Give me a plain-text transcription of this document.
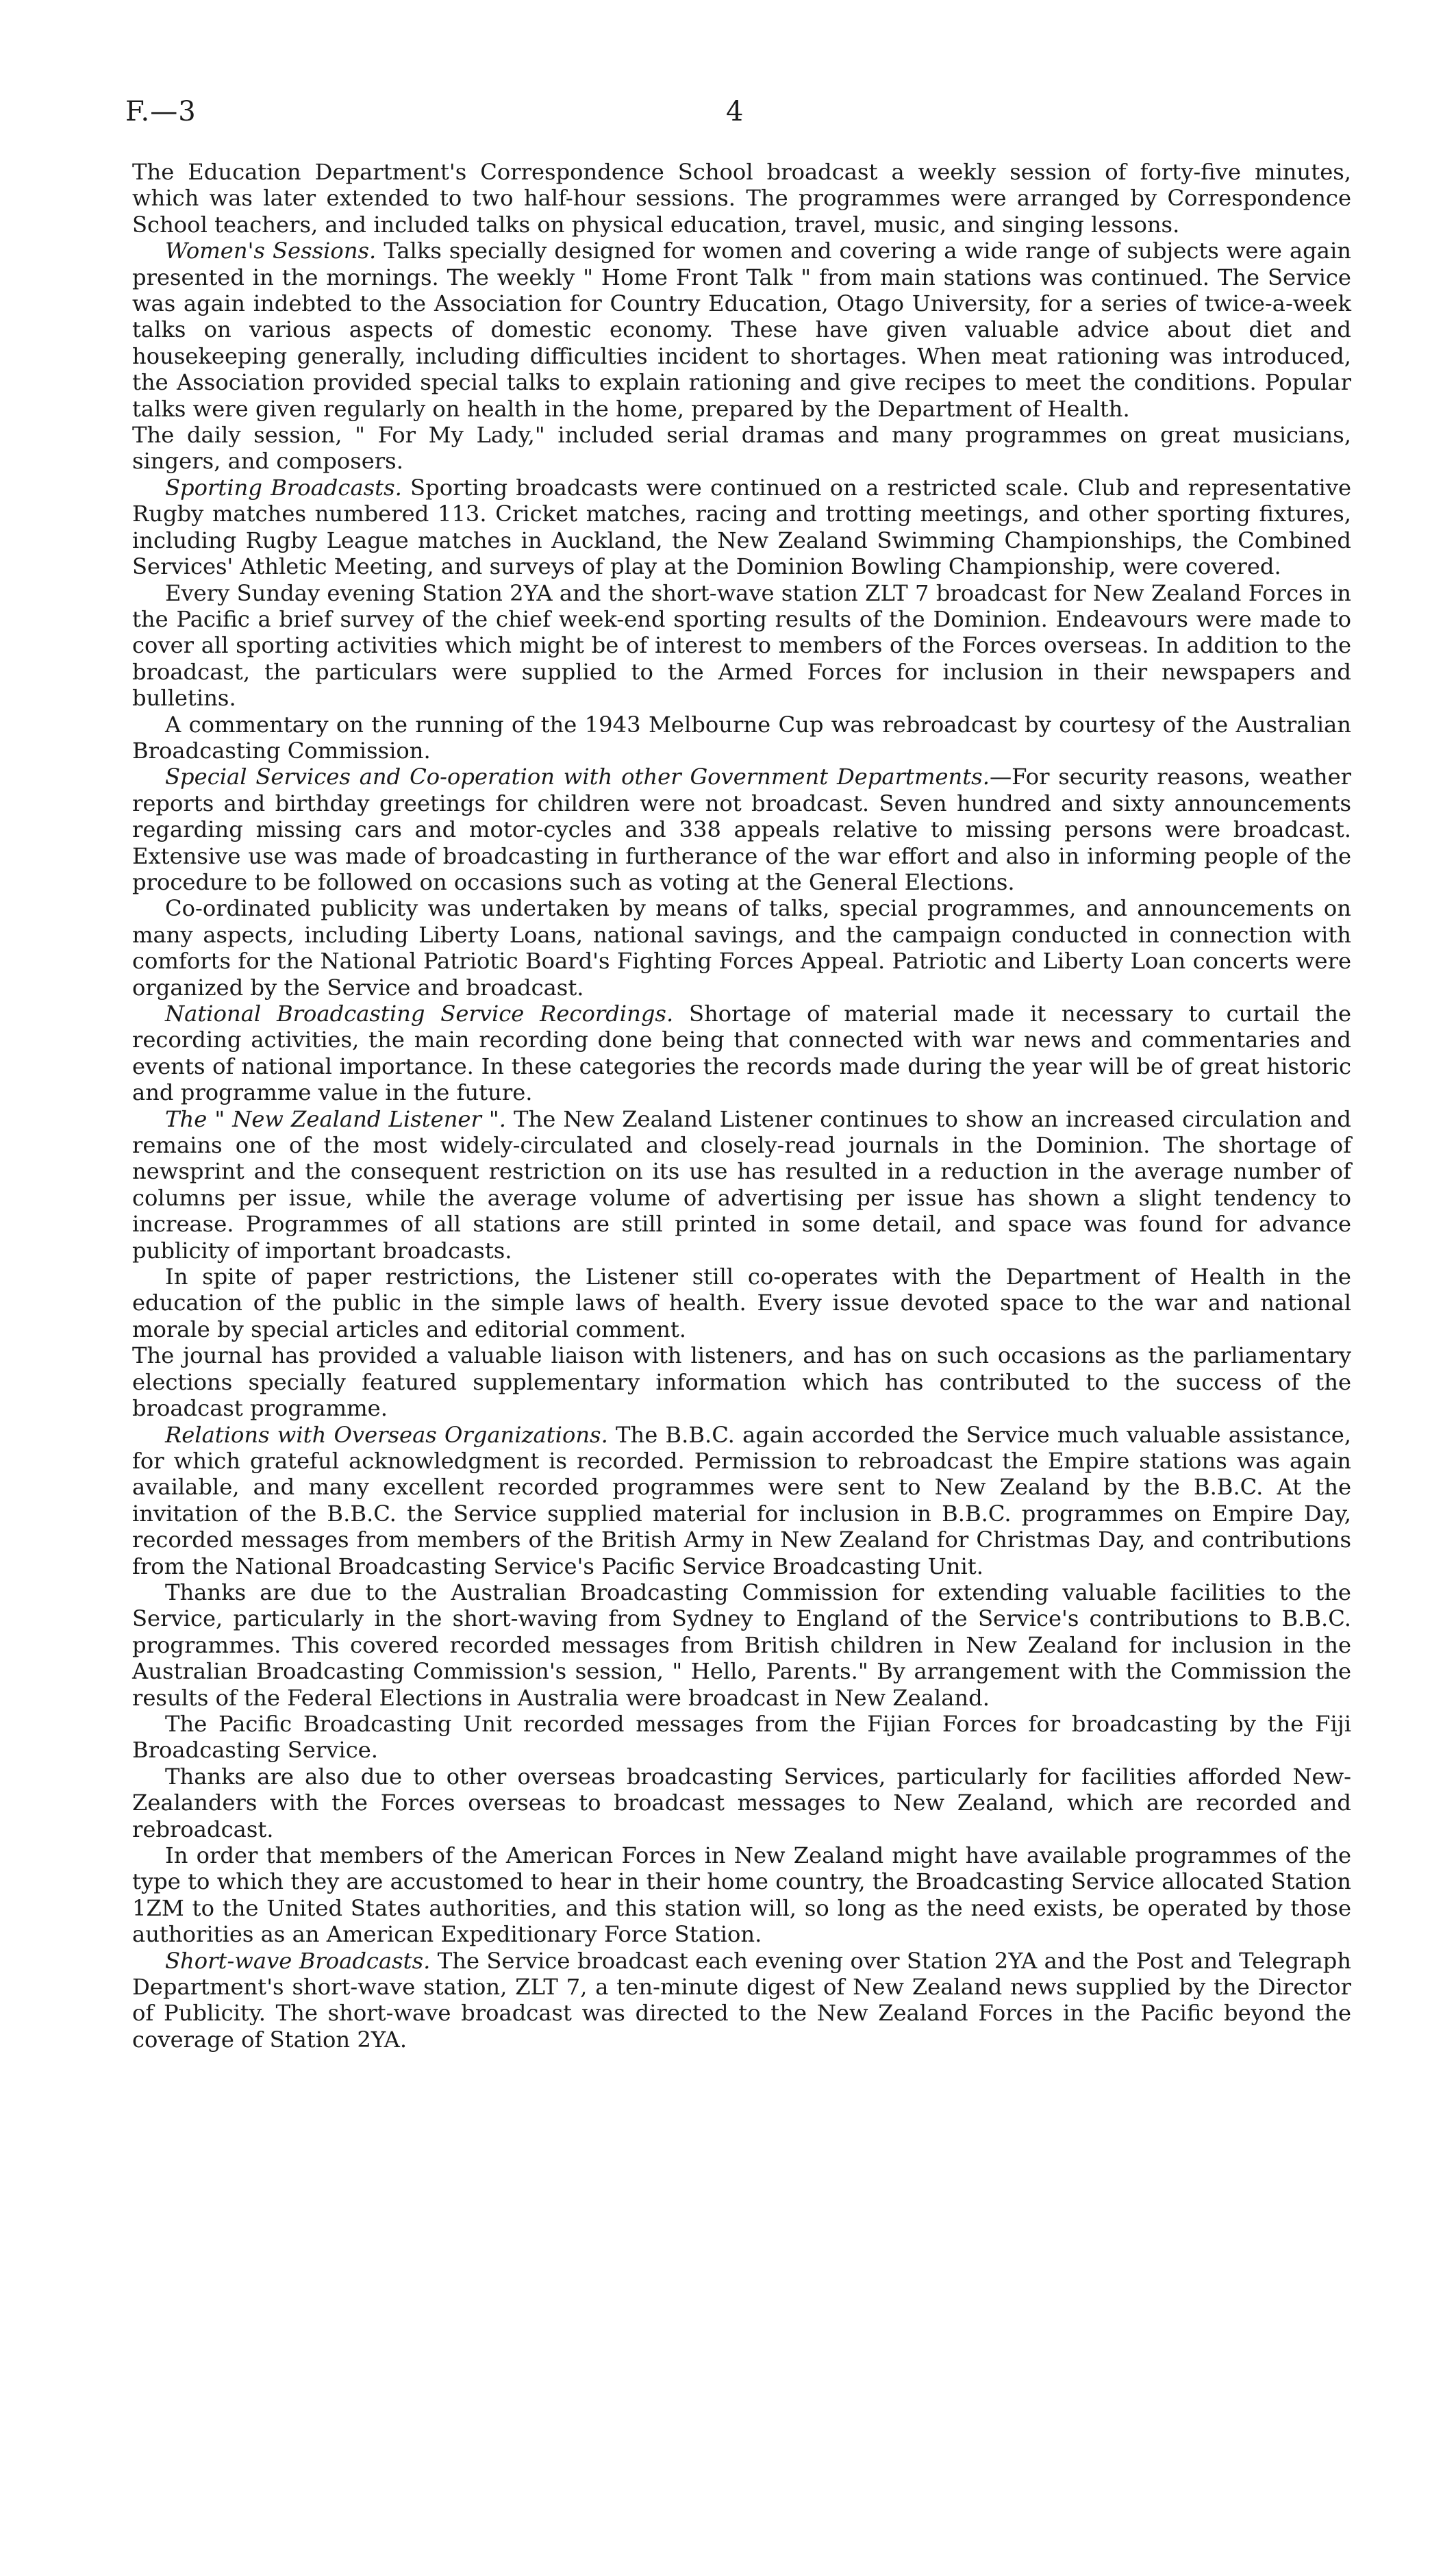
F.—3	4

The Education Department's Correspondence School broadcast a weekly session of forty-five minutes, which was later extended to two half-hour sessions. The programmes were arranged by Correspondence School teachers, and included talks on physical education, travel, music, and singing lessons.

Women's Sessions. Talks specially designed for women and covering a wide range of subjects were again presented in the mornings. The weekly " Home Front Talk " from main stations was continued. The Service was again indebted to the Association for Country Education, Otago University, for a series of twice-a-week talks on various aspects of domestic economy. These have given valuable advice about diet and housekeeping generally, including difficulties incident to shortages. When meat rationing was introduced, the Association provided special talks to explain rationing and give recipes to meet the conditions. Popular talks were given regularly on health in the home, prepared by the Department of Health.

The daily session, " For My Lady," included serial dramas and many programmes on great musicians, singers, and composers.

Sporting Broadcasts. Sporting broadcasts were continued on a restricted scale. Club and representative Rugby matches numbered 113. Cricket matches, racing and trotting meetings, and other sporting fixtures, including Rugby League matches in Auckland, the New Zealand Swimming Championships, the Combined Services' Athletic Meeting, and surveys of play at the Dominion Bowling Championship, were covered.

Every Sunday evening Station 2YA and the short-wave station ZLT 7 broadcast for New Zealand Forces in the Pacific a brief survey of the chief week-end sporting results of the Dominion. Endeavours were made to cover all sporting activities which might be of interest to members of the Forces overseas. In addition to the broadcast, the particulars were supplied to the Armed Forces for inclusion in their newspapers and bulletins.

A commentary on the running of the 1943 Melbourne Cup was rebroadcast by courtesy of the Australian Broadcasting Commission.

Special Services and Co-operation with other Government Departments.—For security reasons, weather reports and birthday greetings for children were not broadcast. Seven hundred and sixty announcements regarding missing cars and motor-cycles and 338 appeals relative to missing persons were broadcast. Extensive use was made of broadcasting in furtherance of the war effort and also in informing people of the procedure to be followed on occasions such as voting at the General Elections.

Co-ordinated publicity was undertaken by means of talks, special programmes, and announcements on many aspects, including Liberty Loans, national savings, and the campaign conducted in connection with comforts for the National Patriotic Board's Fighting Forces Appeal. Patriotic and Liberty Loan concerts were organized by the Service and broadcast.

National Broadcasting Service Recordings. Shortage of material made it necessary to curtail the recording activities, the main recording done being that connected with war news and commentaries and events of national importance. In these categories the records made during the year will be of great historic and programme value in the future.

The " New Zealand Listener ". The New Zealand Listener continues to show an increased circulation and remains one of the most widely-circulated and closely-read journals in the Dominion. The shortage of newsprint and the consequent restriction on its use has resulted in a reduction in the average number of columns per issue, while the average volume of advertising per issue has shown a slight tendency to increase. Programmes of all stations are still printed in some detail, and space was found for advance publicity of important broadcasts.

In spite of paper restrictions, the Listener still co-operates with the Department of Health in the education of the public in the simple laws of health. Every issue devoted space to the war and national morale by special articles and editorial comment.

The journal has provided a valuable liaison with listeners, and has on such occasions as the parliamentary elections specially featured supplementary information which has contributed to the success of the broadcast programme.

Relations with Overseas Organizations. The B.B.C. again accorded the Service much valuable assistance, for which grateful acknowledgment is recorded. Permission to rebroadcast the Empire stations was again available, and many excellent recorded programmes were sent to New Zealand by the B.B.C. At the invitation of the B.B.C. the Service supplied material for inclusion in B.B.C. programmes on Empire Day, recorded messages from members of the British Army in New Zealand for Christmas Day, and contributions from the National Broadcasting Service's Pacific Service Broadcasting Unit.

Thanks are due to the Australian Broadcasting Commission for extending valuable facilities to the Service, particularly in the short-waving from Sydney to England of the Service's contributions to B.B.C. programmes. This covered recorded messages from British children in New Zealand for inclusion in the Australian Broadcasting Commission's session, " Hello, Parents." By arrangement with the Commission the results of the Federal Elections in Australia were broadcast in New Zealand.

The Pacific Broadcasting Unit recorded messages from the Fijian Forces for broadcasting by the Fiji Broadcasting Service.

Thanks are also due to other overseas broadcasting Services, particularly for facilities afforded New-Zealanders with the Forces overseas to broadcast messages to New Zealand, which are recorded and rebroadcast.

In order that members of the American Forces in New Zealand might have available programmes of the type to which they are accustomed to hear in their home country, the Broadcasting Service allocated Station 1ZM to the United States authorities, and this station will, so long as the need exists, be operated by those authorities as an American Expeditionary Force Station.

Short-wave Broadcasts. The Service broadcast each evening over Station 2YA and the Post and Telegraph Department's short-wave station, ZLT 7, a ten-minute digest of New Zealand news supplied by the Director of Publicity. The short-wave broadcast was directed to the New Zealand Forces in the Pacific beyond the coverage of Station 2YA.
